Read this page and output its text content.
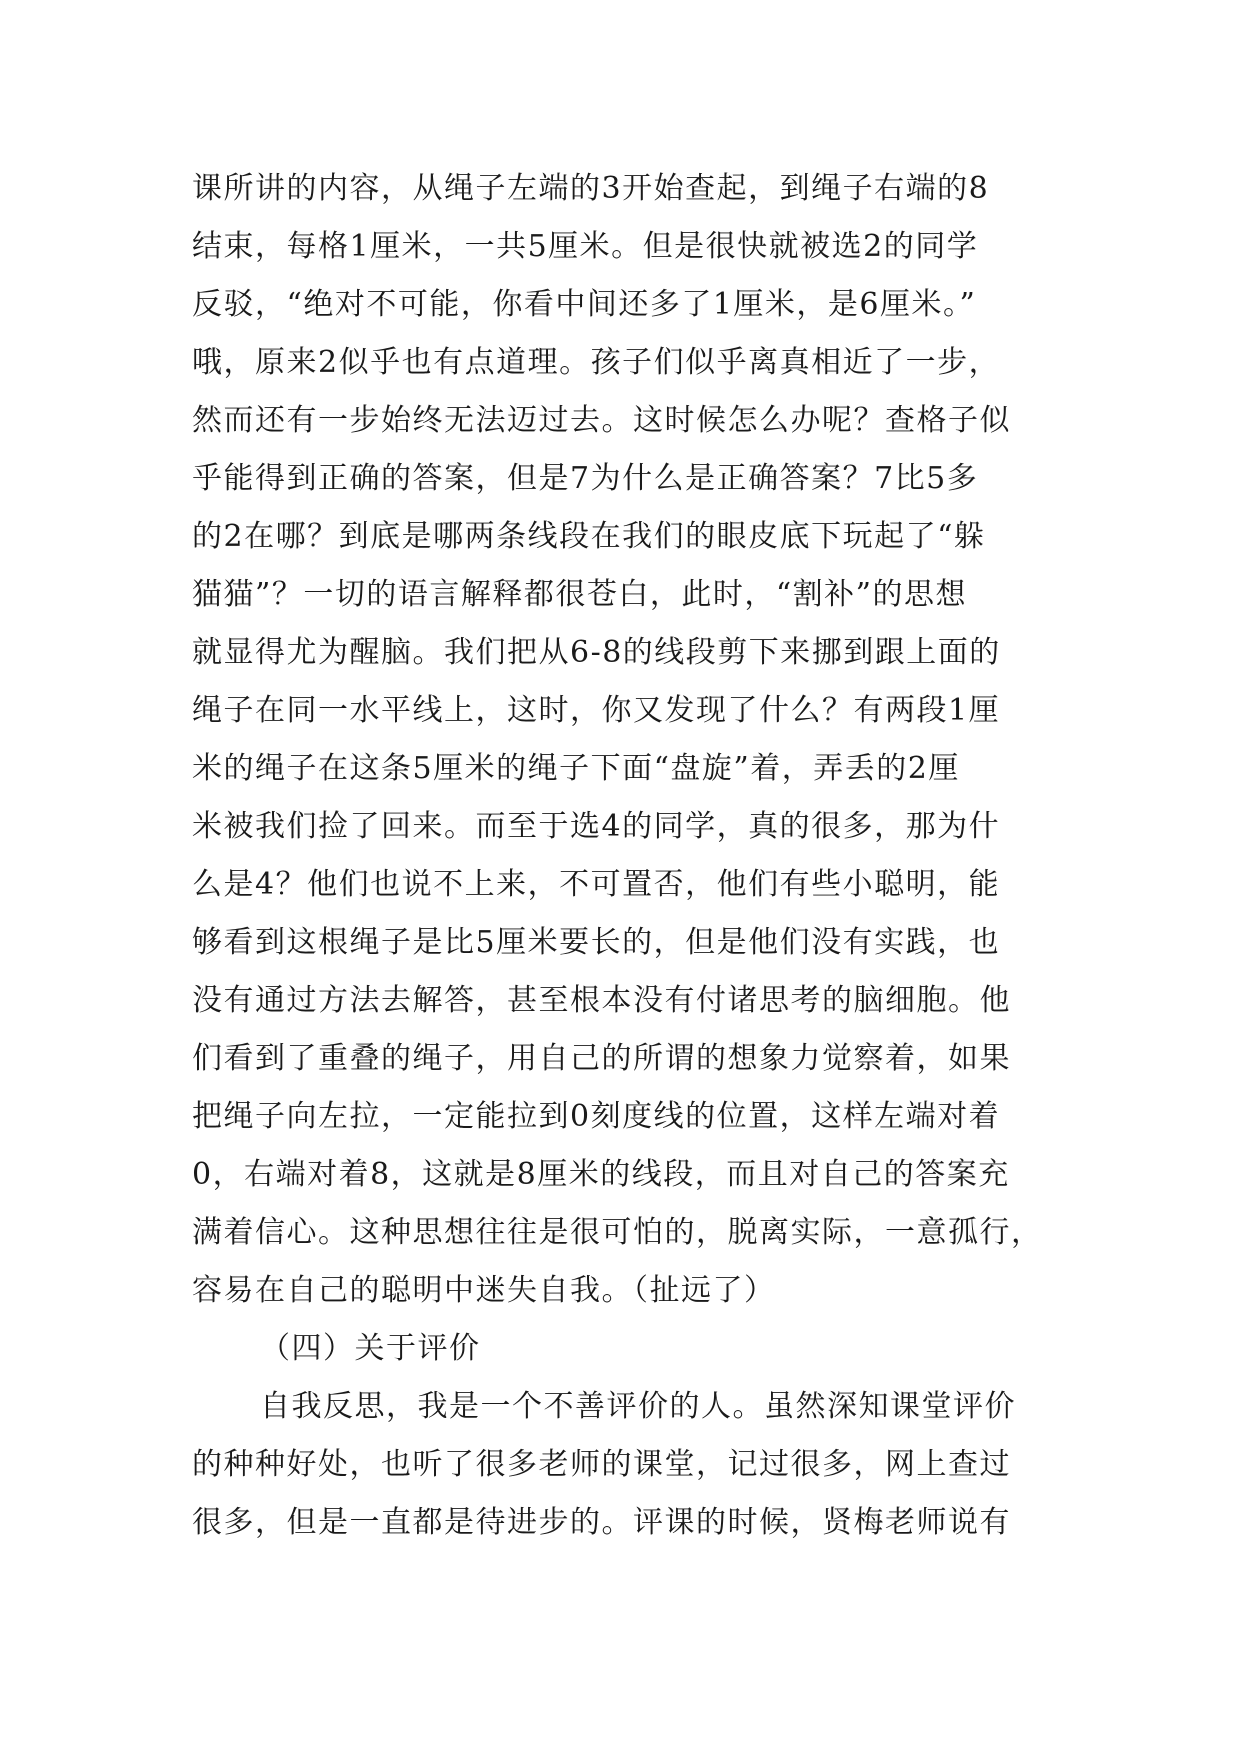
课所讲的内容，从绳子左端的3开始查起，到绳子右端的8
结束，每格1厘米，一共5厘米。但是很快就被选2的同学
反驳，“绝对不可能，你看中间还多了1厘米，是6厘米。”
哦，原来2似乎也有点道理。孩子们似乎离真相近了一步，
然而还有一步始终无法迈过去。这时候怎么办呢？查格子似
乎能得到正确的答案，但是7为什么是正确答案？7比5多
的2在哪？到底是哪两条线段在我们的眼皮底下玩起了“躲
猫猫”？一切的语言解释都很苍白，此时，“割补”的思想
就显得尤为醒脑。我们把从6-8的线段剪下来挪到跟上面的
绳子在同一水平线上，这时，你又发现了什么？有两段1厘
米的绳子在这条5厘米的绳子下面“盘旋”着，弄丢的2厘
米被我们捡了回来。而至于选4的同学，真的很多，那为什
么是4？他们也说不上来，不可置否，他们有些小聪明，能
够看到这根绳子是比5厘米要长的，但是他们没有实践，也
没有通过方法去解答，甚至根本没有付诸思考的脑细胞。他
们看到了重叠的绳子，用自己的所谓的想象力觉察着，如果
把绳子向左拉，一定能拉到0刻度线的位置，这样左端对着
0，右端对着8，这就是8厘米的线段，而且对自己的答案充
满着信心。这种思想往往是很可怕的，脱离实际，一意孤行，
容易在自己的聪明中迷失自我。（扯远了）
（四）关于评价
自我反思，我是一个不善评价的人。虽然深知课堂评价
的种种好处，也听了很多老师的课堂，记过很多，网上查过
很多，但是一直都是待进步的。评课的时候，贤梅老师说有
